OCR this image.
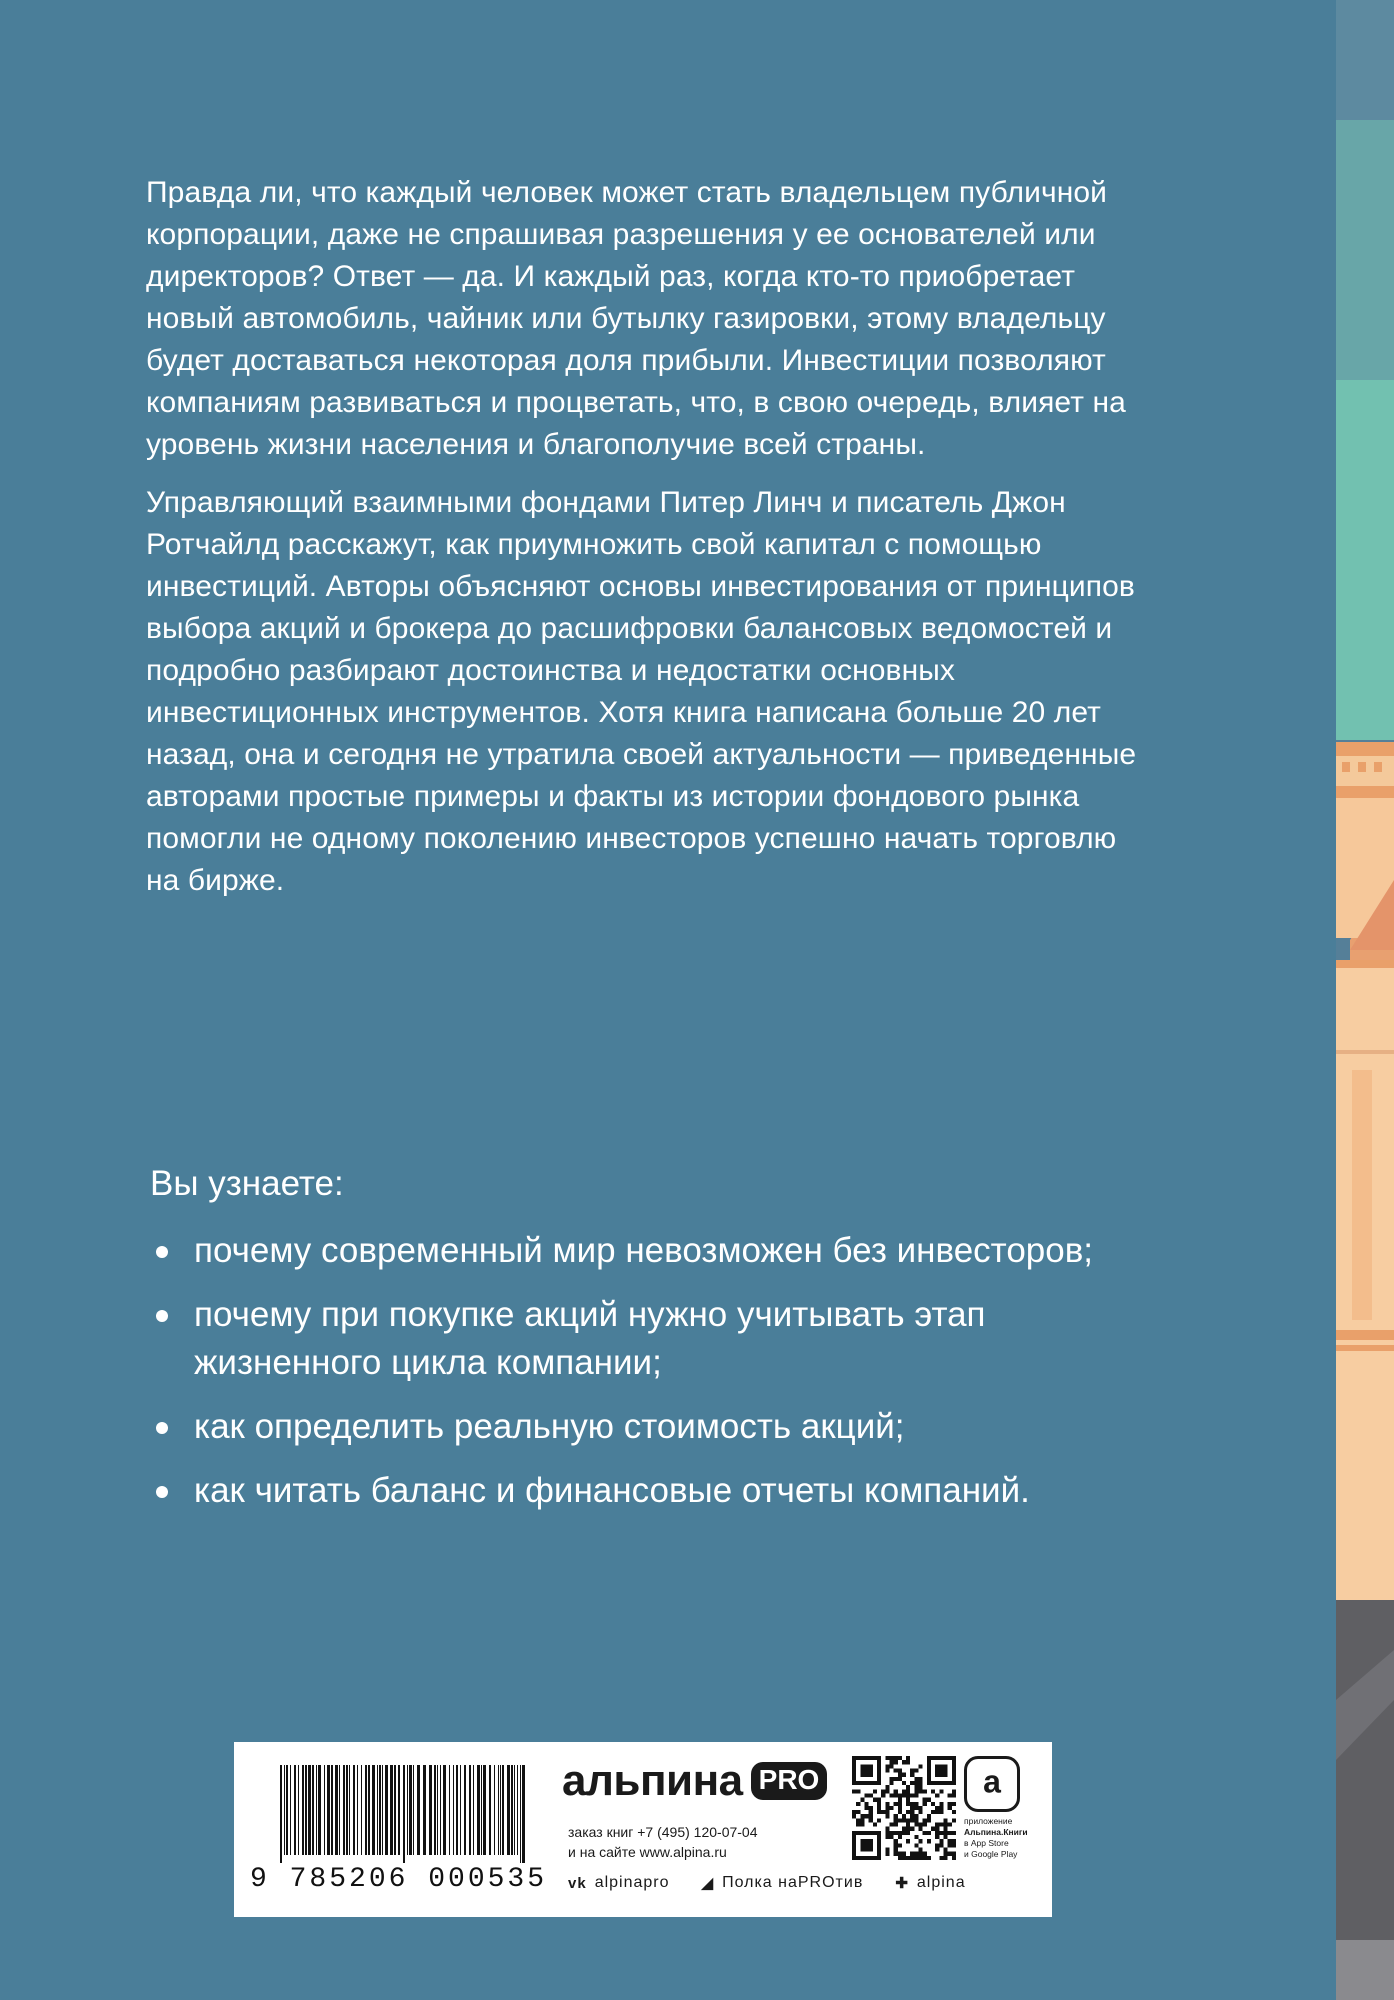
Правда ли, что каждый человек может стать владельцем публичной корпорации, даже не спрашивая разрешения у ее основателей или директоров? Ответ — да. И каждый раз, когда кто-то приобретает новый автомобиль, чайник или бутылку газировки, этому владельцу будет доставаться некоторая доля прибыли. Инвестиции позволяют компаниям развиваться и процветать, что, в свою очередь, влияет на уровень жизни населения и благополучие всей страны.

Управляющий взаимными фондами Питер Линч и писатель Джон Ротчайлд расскажут, как приумножить свой капитал с помощью инвестиций. Авторы объясняют основы инвестирования от принципов выбора акций и брокера до расшифровки балансовых ведомостей и подробно разбирают достоинства и недостатки основных инвестиционных инструментов. Хотя книга написана больше 20 лет назад, она и сегодня не утратила своей актуальности — приведенные авторами простые примеры и факты из истории фондового рынка помогли не одному поколению инвесторов успешно начать торговлю на бирже.

Вы узнаете:
почему современный мир невозможен без инвесторов;
почему при покупке акций нужно учитывать этап жизненного цикла компании;
как определить реальную стоимость акций;
как читать баланс и финансовые отчеты компаний.
9 785206 000535
альпина PRO
заказ книг +7 (495) 120-07-04
и на сайте www.alpina.ru
a
приложение
Альпина.Книги
в App Store
и Google Play
vk alpinapro ◢ Полка наPROтив ✚ alpina
